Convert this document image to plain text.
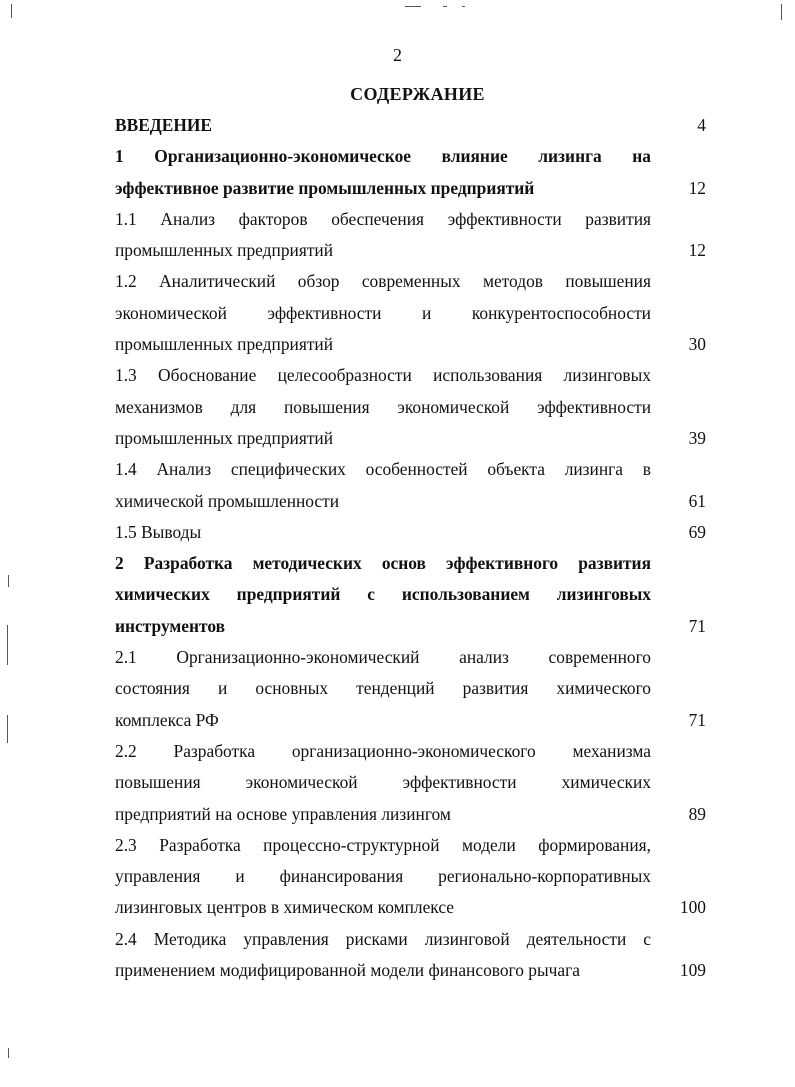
2
СОДЕРЖАНИЕ
ВВЕДЕНИЕ	4
1 Организационно-экономическое влияние лизинга на
эффективное развитие промышленных предприятий	12
1.1 Анализ факторов обеспечения эффективности развития
промышленных предприятий	12
1.2 Аналитический обзор современных методов повышения
экономической эффективности и конкурентоспособности
промышленных предприятий	30
1.3 Обоснование целесообразности использования лизинговых
механизмов для повышения экономической эффективности
промышленных предприятий	39
1.4 Анализ специфических особенностей объекта лизинга в
химической промышленности	61
1.5 Выводы	69
2 Разработка методических основ эффективного развития
химических предприятий с использованием лизинговых
инструментов	71
2.1 Организационно-экономический анализ современного
состояния и основных тенденций развития химического
комплекса РФ	71
2.2 Разработка организационно-экономического механизма
повышения экономической эффективности химических
предприятий на основе управления лизингом	89
2.3 Разработка процессно-структурной модели формирования,
управления и финансирования регионально-корпоративных
лизинговых центров в химическом комплексе	100
2.4 Методика управления рисками лизинговой деятельности с
применением модифицированной модели финансового рычага	109
